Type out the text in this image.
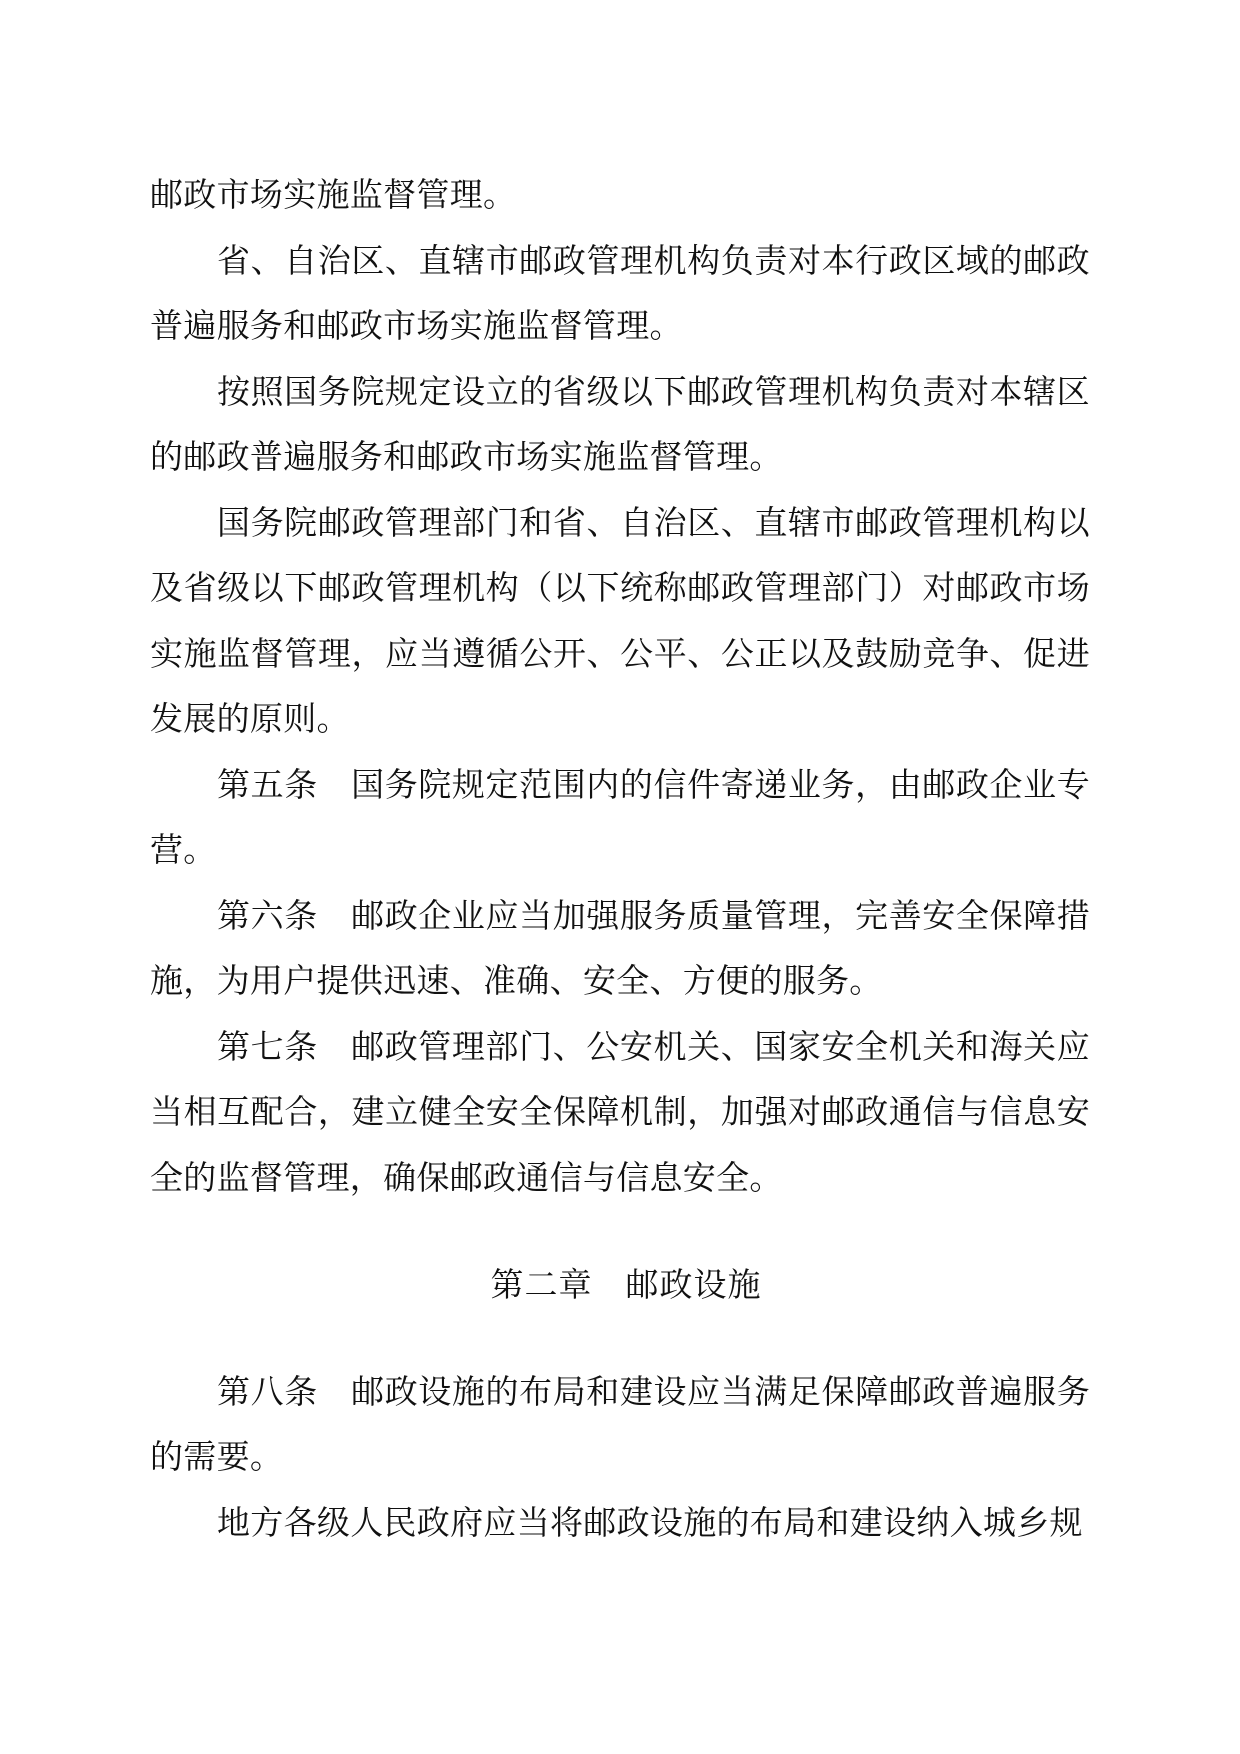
邮政市场实施监督管理。

省、自治区、直辖市邮政管理机构负责对本行政区域的邮政普遍服务和邮政市场实施监督管理。

按照国务院规定设立的省级以下邮政管理机构负责对本辖区的邮政普遍服务和邮政市场实施监督管理。

国务院邮政管理部门和省、自治区、直辖市邮政管理机构以及省级以下邮政管理机构（以下统称邮政管理部门）对邮政市场实施监督管理，应当遵循公开、公平、公正以及鼓励竞争、促进发展的原则。

第五条 国务院规定范围内的信件寄递业务，由邮政企业专营。

第六条 邮政企业应当加强服务质量管理，完善安全保障措施，为用户提供迅速、准确、安全、方便的服务。

第七条 邮政管理部门、公安机关、国家安全机关和海关应当相互配合，建立健全安全保障机制，加强对邮政通信与信息安全的监督管理，确保邮政通信与信息安全。

第二章 邮政设施

第八条 邮政设施的布局和建设应当满足保障邮政普遍服务的需要。

地方各级人民政府应当将邮政设施的布局和建设纳入城乡规
